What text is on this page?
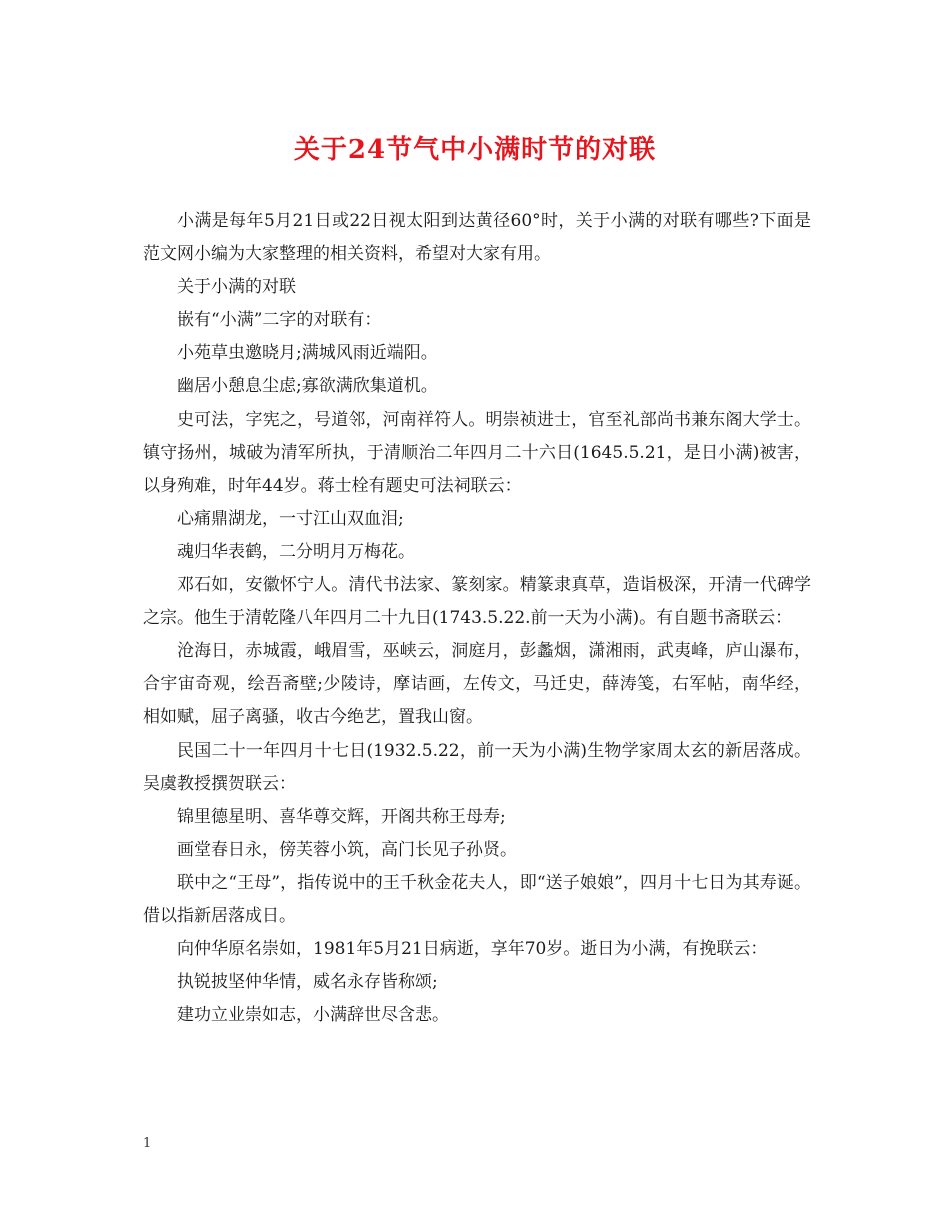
关于24节气中小满时节的对联

小满是每年5月21日或22日视太阳到达黄径60°时，关于小满的对联有哪些?下面是范文网小编为大家整理的相关资料，希望对大家有用。

关于小满的对联

嵌有“小满”二字的对联有：

小苑草虫邀晓月;满城风雨近端阳。

幽居小憩息尘虑;寡欲满欣集道机。

史可法，字宪之，号道邻，河南祥符人。明崇祯进士，官至礼部尚书兼东阁大学士。镇守扬州，城破为清军所执，于清顺治二年四月二十六日(1645.5.21，是日小满)被害，以身殉难，时年44岁。蒋士栓有题史可法祠联云：

心痛鼎湖龙，一寸江山双血泪;

魂归华表鹤，二分明月万梅花。

邓石如，安徽怀宁人。清代书法家、篆刻家。精篆隶真草，造诣极深，开清一代碑学之宗。他生于清乾隆八年四月二十九日(1743.5.22.前一天为小满)。有自题书斋联云：

沧海日，赤城霞，峨眉雪，巫峡云，洞庭月，彭蠡烟，潇湘雨，武夷峰，庐山瀑布，合宇宙奇观，绘吾斋壁;少陵诗，摩诘画，左传文，马迁史，薛涛笺，右军帖，南华经，相如赋，屈子离骚，收古今绝艺，置我山窗。

民国二十一年四月十七日(1932.5.22，前一天为小满)生物学家周太玄的新居落成。吴虞教授撰贺联云：

锦里德星明、喜华尊交辉，开阁共称王母寿;

画堂春日永，傍芙蓉小筑，高门长见子孙贤。

联中之“王母”，指传说中的王千秋金花夫人，即“送子娘娘”，四月十七日为其寿诞。借以指新居落成日。

向仲华原名崇如，1981年5月21日病逝，享年70岁。逝日为小满，有挽联云：

执锐披坚仲华情，威名永存皆称颂;

建功立业崇如志，小满辞世尽含悲。

1
